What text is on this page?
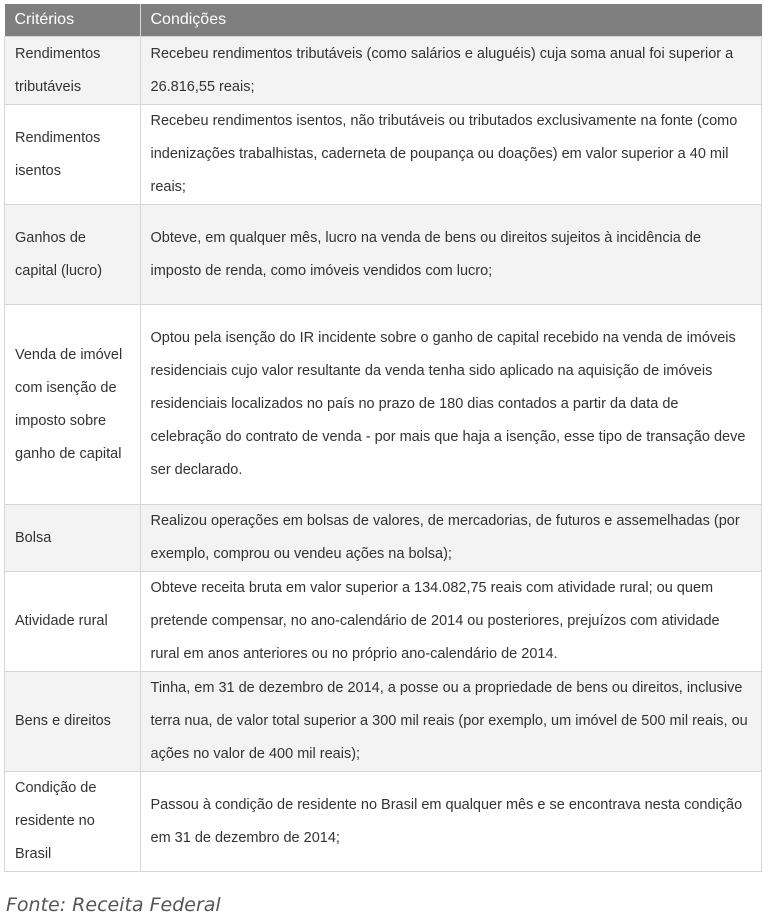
Critérios	Condições
Rendimentos tributáveis	Recebeu rendimentos tributáveis (como salários e aluguéis) cuja soma anual foi superior a 26.816,55 reais;
Rendimentos isentos	Recebeu rendimentos isentos, não tributáveis ou tributados exclusivamente na fonte (como indenizações trabalhistas, caderneta de poupança ou doações) em valor superior a 40 mil reais;
Ganhos de capital (lucro)	Obteve, em qualquer mês, lucro na venda de bens ou direitos sujeitos à incidência de imposto de renda, como imóveis vendidos com lucro;
Venda de imóvel com isenção de imposto sobre ganho de capital	Optou pela isenção do IR incidente sobre o ganho de capital recebido na venda de imóveis residenciais cujo valor resultante da venda tenha sido aplicado na aquisição de imóveis residenciais localizados no país no prazo de 180 dias contados a partir da data de celebração do contrato de venda - por mais que haja a isenção, esse tipo de transação deve ser declarado.
Bolsa	Realizou operações em bolsas de valores, de mercadorias, de futuros e assemelhadas (por exemplo, comprou ou vendeu ações na bolsa);
Atividade rural	Obteve receita bruta em valor superior a 134.082,75 reais com atividade rural; ou quem pretende compensar, no ano-calendário de 2014 ou posteriores, prejuízos com atividade rural em anos anteriores ou no próprio ano-calendário de 2014.
Bens e direitos	Tinha, em 31 de dezembro de 2014, a posse ou a propriedade de bens ou direitos, inclusive terra nua, de valor total superior a 300 mil reais (por exemplo, um imóvel de 500 mil reais, ou ações no valor de 400 mil reais);
Condição de residente no Brasil	Passou à condição de residente no Brasil em qualquer mês e se encontrava nesta condição em 31 de dezembro de 2014;
Fonte: Receita Federal
